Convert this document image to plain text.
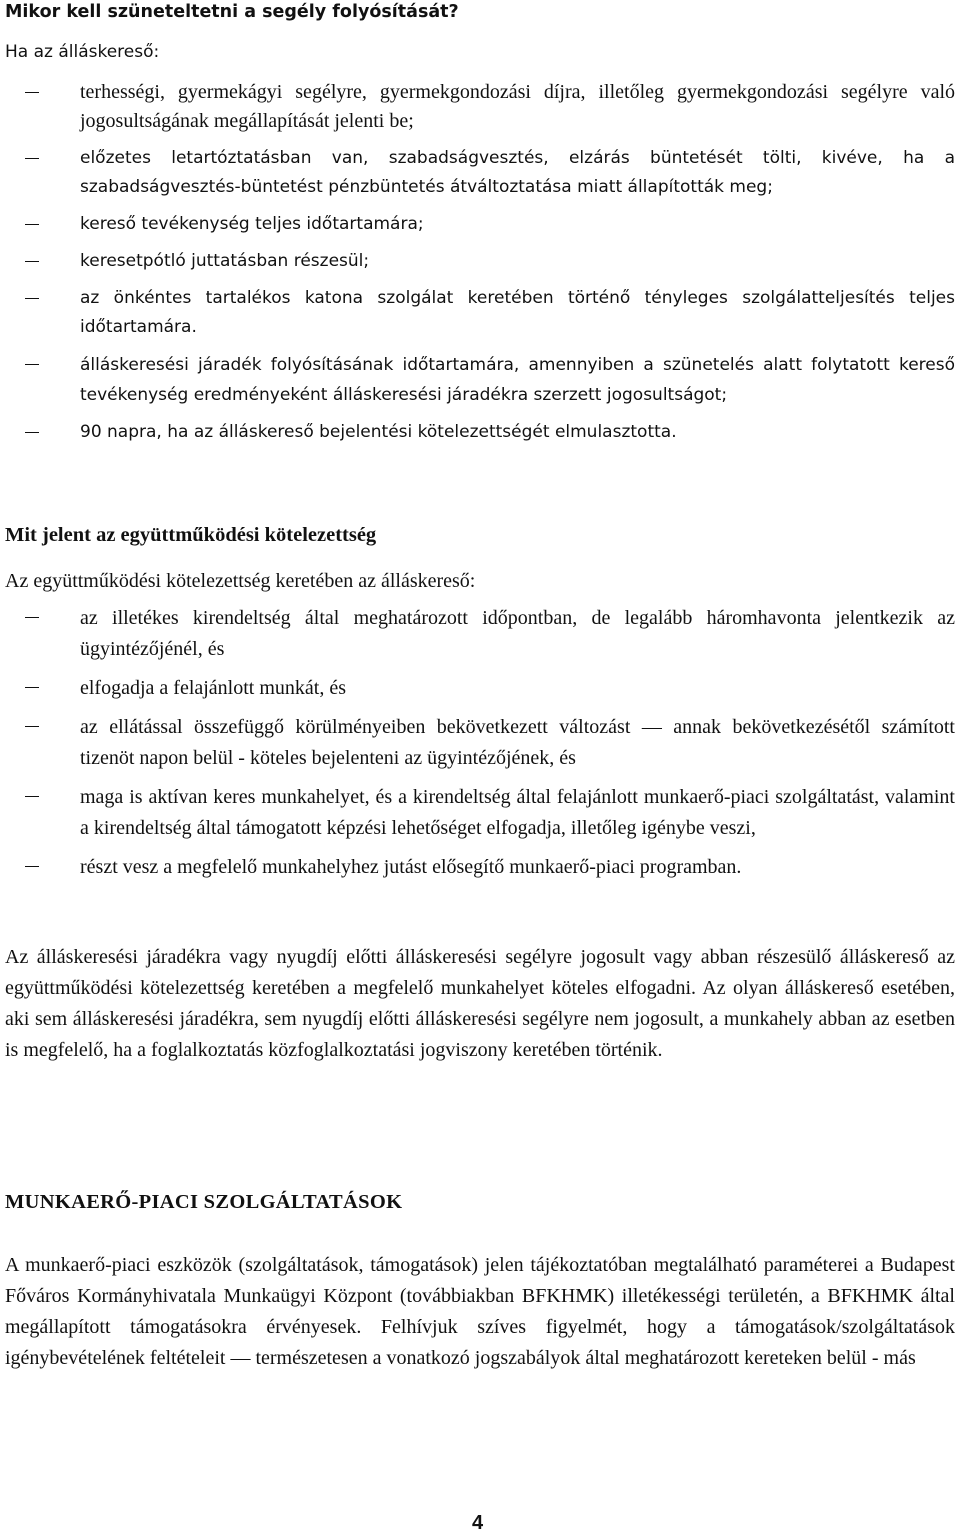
Mikor kell szüneteltetni a segély folyósítását?
Ha az álláskereső:
terhességi, gyermekágyi segélyre, gyermekgondozási díjra, illetőleg gyermekgondozási segélyre való jogosultságának megállapítását jelenti be;
előzetes letartóztatásban van, szabadságvesztés, elzárás büntetését tölti, kivéve, ha a szabadságvesztés-büntetést pénzbüntetés átváltoztatása miatt állapították meg;
kereső tevékenység teljes időtartamára;
keresetpótló juttatásban részesül;
az önkéntes tartalékos katona szolgálat keretében történő tényleges szolgálatteljesítés teljes időtartamára.
álláskeresési járadék folyósításának időtartamára, amennyiben a szünetelés alatt folytatott kereső tevékenység eredményeként álláskeresési járadékra szerzett jogosultságot;
90 napra, ha az álláskereső bejelentési kötelezettségét elmulasztotta.
Mit jelent az együttműködési kötelezettség
Az együttműködési kötelezettség keretében az álláskereső:
az illetékes kirendeltség által meghatározott időpontban, de legalább háromhavonta jelentkezik az ügyintézőjénél, és
elfogadja a felajánlott munkát, és
az ellátással összefüggő körülményeiben bekövetkezett változást — annak bekövetkezésétől számított tizenöt napon belül - köteles bejelenteni az ügyintézőjének, és
maga is aktívan keres munkahelyet, és a kirendeltség által felajánlott munkaerő-piaci szolgáltatást, valamint a kirendeltség által támogatott képzési lehetőséget elfogadja, illetőleg igénybe veszi,
részt vesz a megfelelő munkahelyhez jutást elősegítő munkaerő-piaci programban.
Az álláskeresési járadékra vagy nyugdíj előtti álláskeresési segélyre jogosult vagy abban részesülő álláskereső az együttműködési kötelezettség keretében a megfelelő munkahelyet köteles elfogadni. Az olyan álláskereső esetében, aki sem álláskeresési járadékra, sem nyugdíj előtti álláskeresési segélyre nem jogosult, a munkahely abban az esetben is megfelelő, ha a foglalkoztatás közfoglalkoztatási jogviszony keretében történik.
MUNKAERŐ-PIACI SZOLGÁLTATÁSOK
A munkaerő-piaci eszközök (szolgáltatások, támogatások) jelen tájékoztatóban megtalálható paraméterei a Budapest Főváros Kormányhivatala Munkaügyi Központ (továbbiakban BFKHMK) illetékességi területén, a BFKHMK által megállapított támogatásokra érvényesek. Felhívjuk szíves figyelmét, hogy a támogatások/szolgáltatások igénybevételének feltételeit — természetesen a vonatkozó jogszabályok által meghatározott kereteken belül - más
4
